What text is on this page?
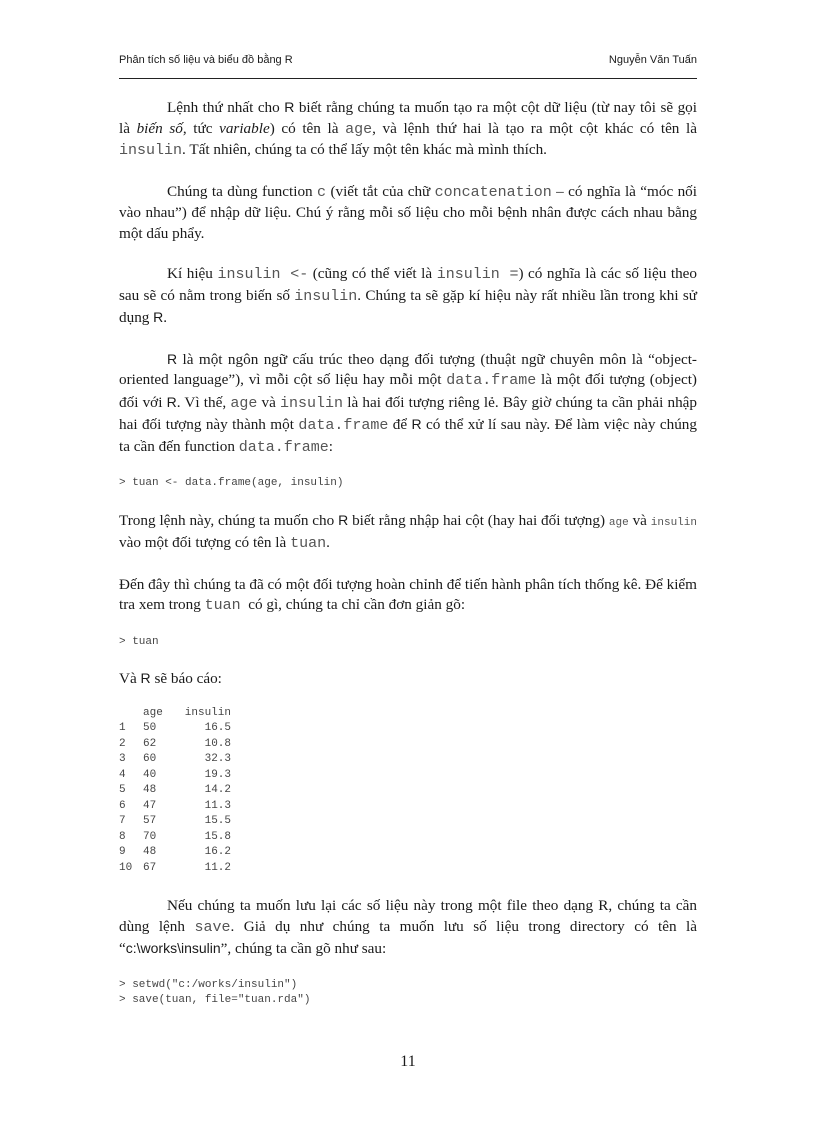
Phân tích số liệu và biểu đồ bằng R	Nguyễn Văn Tuấn

Lệnh thứ nhất cho R biết rằng chúng ta muốn tạo ra một cột dữ liệu (từ nay tôi sẽ gọi là biến số, tức variable) có tên là age, và lệnh thứ hai là tạo ra một cột khác có tên là insulin. Tất nhiên, chúng ta có thể lấy một tên khác mà mình thích.

Chúng ta dùng function c (viết tắt của chữ concatenation – có nghĩa là “móc nối vào nhau”) để nhập dữ liệu. Chú ý rằng mỗi số liệu cho mỗi bệnh nhân được cách nhau bằng một dấu phẩy.

Kí hiệu insulin <- (cũng có thể viết là insulin =) có nghĩa là các số liệu theo sau sẽ có nằm trong biến số insulin. Chúng ta sẽ gặp kí hiệu này rất nhiều lần trong khi sử dụng R.

R là một ngôn ngữ cấu trúc theo dạng đối tượng (thuật ngữ chuyên môn là “object-oriented language”), vì mỗi cột số liệu hay mỗi một data.frame là một đối tượng (object) đối với R. Vì thế, age và insulin là hai đối tượng riêng lẻ. Bây giờ chúng ta cần phải nhập hai đối tượng này thành một data.frame để R có thể xử lí sau này. Để làm việc này chúng ta cần đến function data.frame:

> tuan <- data.frame(age, insulin)

Trong lệnh này, chúng ta muốn cho R biết rằng nhập hai cột (hay hai đối tượng) age và insulin vào một đối tượng có tên là tuan.

Đến đây thì chúng ta đã có một đối tượng hoàn chỉnh để tiến hành phân tích thống kê. Để kiểm tra xem trong tuan  có gì, chúng ta chỉ cần đơn giản gõ:

> tuan

Và R sẽ báo cáo:

	age	insulin
1	50	16.5
2	62	10.8
3	60	32.3
4	40	19.3
5	48	14.2
6	47	11.3
7	57	15.5
8	70	15.8
9	48	16.2
10	67	11.2

Nếu chúng ta muốn lưu lại các số liệu này trong một file theo dạng R, chúng ta cần dùng lệnh save. Giả dụ như chúng ta muốn lưu số liệu trong directory có tên là “c:\works\insulin”, chúng ta cần gõ như sau:

> setwd("c:/works/insulin")
> save(tuan, file="tuan.rda")
11
